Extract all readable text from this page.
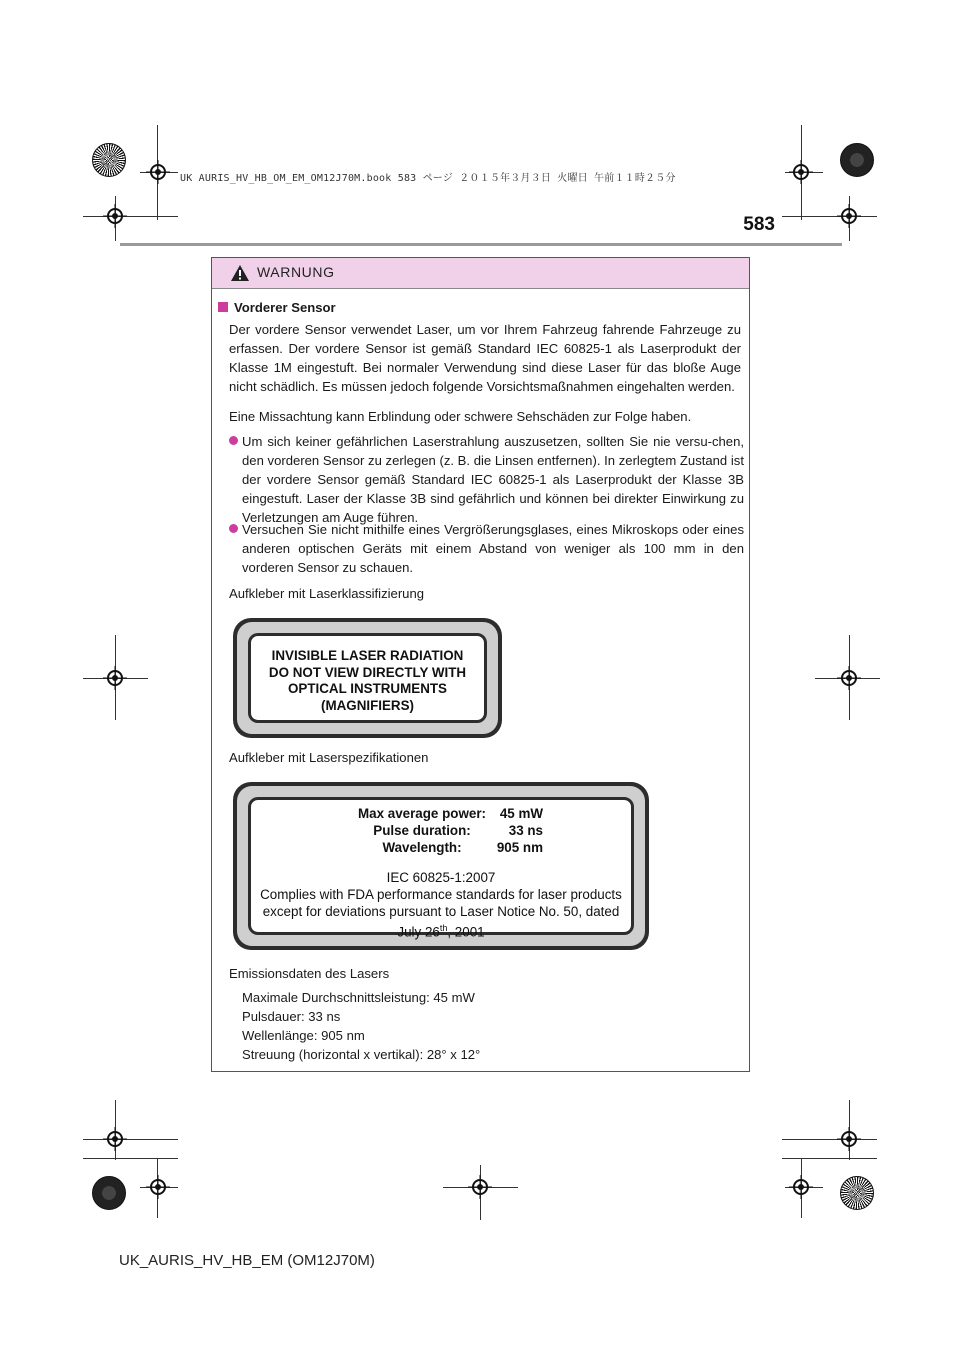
UK AURIS_HV_HB_OM_EM_OM12J70M.book 583 ページ ２０１５年３月３日 火曜日 午前１１時２５分
583
WARNUNG
Vorderer Sensor
Der vordere Sensor verwendet Laser, um vor Ihrem Fahrzeug fahrende Fahrzeuge zu erfassen. Der vordere Sensor ist gemäß Standard IEC 60825-1 als Laserprodukt der Klasse 1M eingestuft. Bei normaler Verwendung sind diese Laser für das bloße Auge nicht schädlich. Es müssen jedoch folgende Vorsichtsmaßnahmen eingehalten werden.
Eine Missachtung kann Erblindung oder schwere Sehschäden zur Folge haben.
Um sich keiner gefährlichen Laserstrahlung auszusetzen, sollten Sie nie versu-chen, den vorderen Sensor zu zerlegen (z. B. die Linsen entfernen). In zerlegtem Zustand ist der vordere Sensor gemäß Standard IEC 60825-1 als Laserprodukt der Klasse 3B eingestuft. Laser der Klasse 3B sind gefährlich und können bei direkter Einwirkung zu Verletzungen am Auge führen.
Versuchen Sie nicht mithilfe eines Vergrößerungsglases, eines Mikroskops oder eines anderen optischen Geräts mit einem Abstand von weniger als 100 mm in den vorderen Sensor zu schauen.
Aufkleber mit Laserklassifizierung
INVISIBLE LASER RADIATION
DO NOT VIEW DIRECTLY WITH
OPTICAL INSTRUMENTS
(MAGNIFIERS)
Aufkleber mit Laserspezifikationen
Max average power:	45 mW
Pulse duration:	33 ns
Wavelength:	905 nm
IEC 60825-1:2007
Complies with FDA performance standards for laser products
except for deviations pursuant to Laser Notice No. 50, dated
July 26th, 2001
Emissionsdaten des Lasers
Maximale Durchschnittsleistung: 45 mW
Pulsdauer: 33 ns
Wellenlänge: 905 nm
Streuung (horizontal x vertikal): 28° x 12°
UK_AURIS_HV_HB_EM (OM12J70M)
